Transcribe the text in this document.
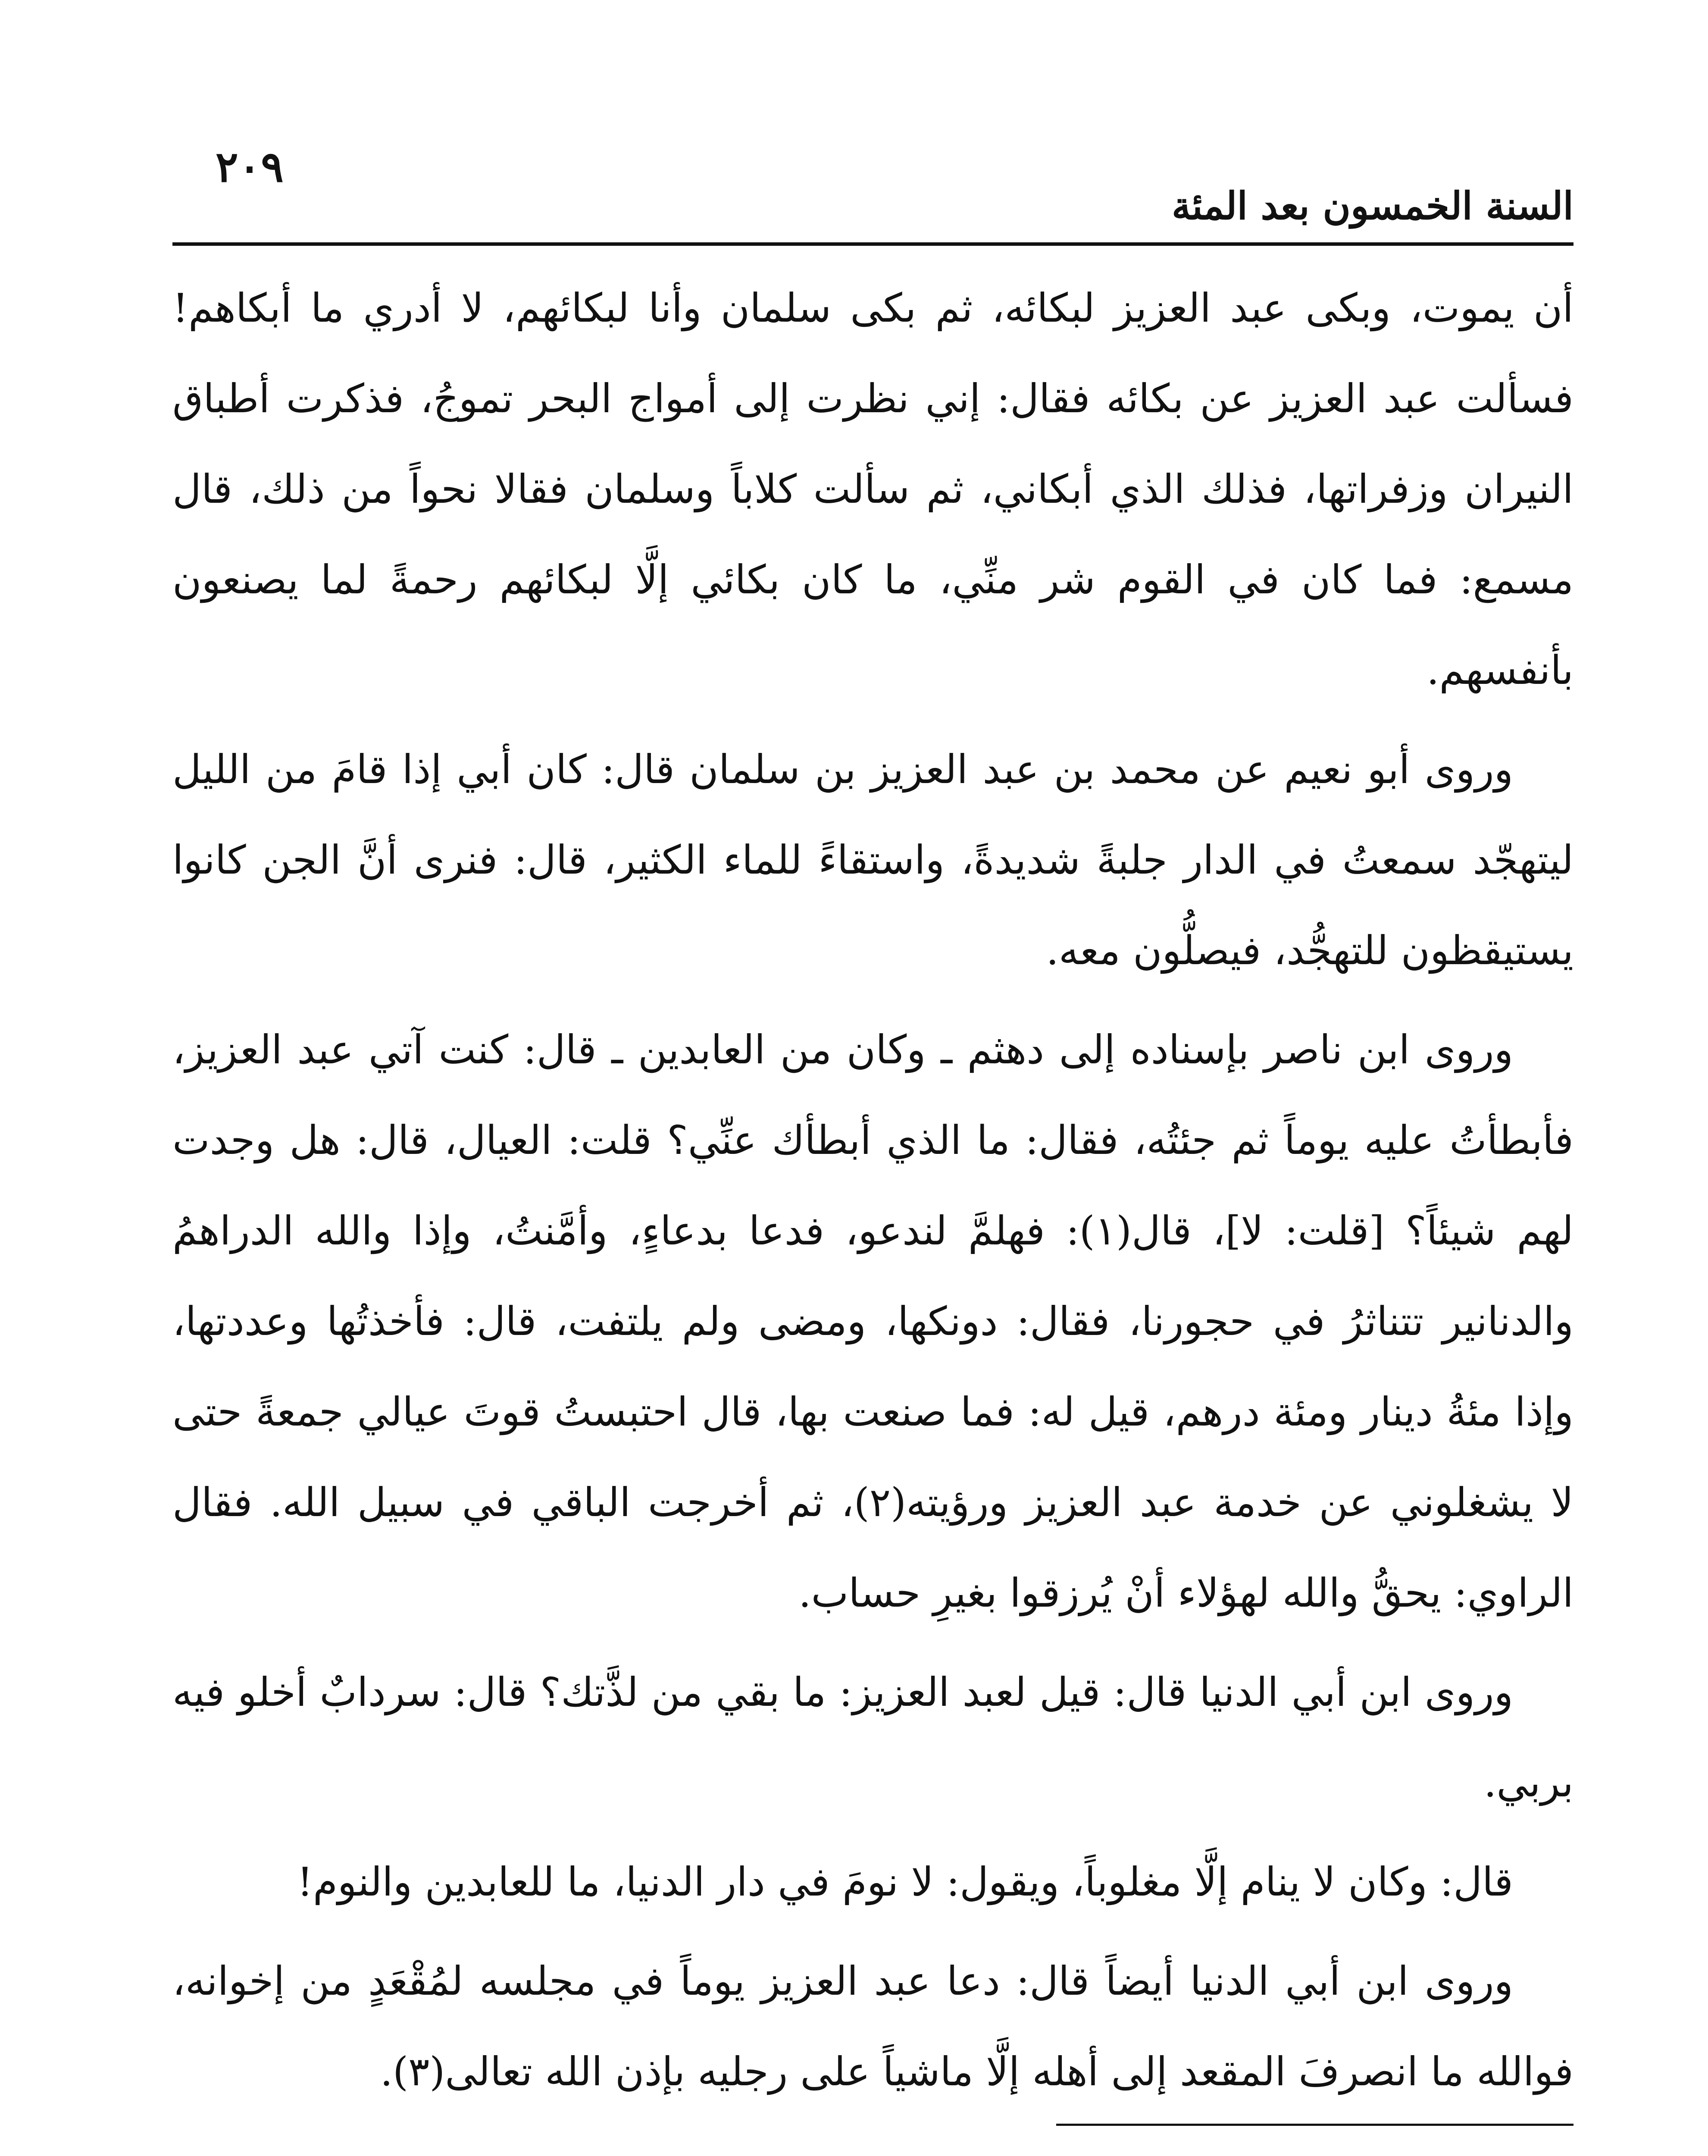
٢٠٩
السنة الخمسون بعد المئة

أن يموت، وبكى عبد العزيز لبكائه، ثم بكى سلمان وأنا لبكائهم، لا أدري ما أبكاهم! فسألت عبد العزيز عن بكائه فقال: إني نظرت إلى أمواج البحر تموجُ، فذكرت أطباق النيران وزفراتها، فذلك الذي أبكاني، ثم سألت كلاباً وسلمان فقالا نحواً من ذلك، قال مسمع: فما كان في القوم شر منِّي، ما كان بكائي إلَّا لبكائهم رحمةً لما يصنعون بأنفسهم.

وروى أبو نعيم عن محمد بن عبد العزيز بن سلمان قال: كان أبي إذا قامَ من الليل ليتهجّد سمعتُ في الدار جلبةً شديدةً، واستقاءً للماء الكثير، قال: فنرى أنَّ الجن كانوا يستيقظون للتهجُّد، فيصلُّون معه.

وروى ابن ناصر بإسناده إلى دهثم ـ وكان من العابدين ـ قال: كنت آتي عبد العزيز، فأبطأتُ عليه يوماً ثم جئتُه، فقال: ما الذي أبطأك عنِّي؟ قلت: العيال، قال: هل وجدت لهم شيئاً؟ [قلت: لا]، قال(١): فهلمَّ لندعو، فدعا بدعاءٍ، وأمَّنتُ، وإذا والله الدراهمُ والدنانير تتناثرُ في حجورنا، فقال: دونكها، ومضى ولم يلتفت، قال: فأخذتُها وعددتها، وإذا مئةُ دينار ومئة درهم، قيل له: فما صنعت بها، قال احتبستُ قوتَ عيالي جمعةً حتى لا يشغلوني عن خدمة عبد العزيز ورؤيته(٢)، ثم أخرجت الباقي في سبيل الله. فقال الراوي: يحقُّ والله لهؤلاء أنْ يُرزقوا بغيرِ حساب.

وروى ابن أبي الدنيا قال: قيل لعبد العزيز: ما بقي من لذَّتك؟ قال: سردابٌ أخلو فيه بربي.

قال: وكان لا ينام إلَّا مغلوباً، ويقول: لا نومَ في دار الدنيا، ما للعابدين والنوم!

وروى ابن أبي الدنيا أيضاً قال: دعا عبد العزيز يوماً في مجلسه لمُقْعَدٍ من إخوانه، فوالله ما انصرفَ المقعد إلى أهله إلَّا ماشياً على رجليه بإذن الله تعالى(٣).
